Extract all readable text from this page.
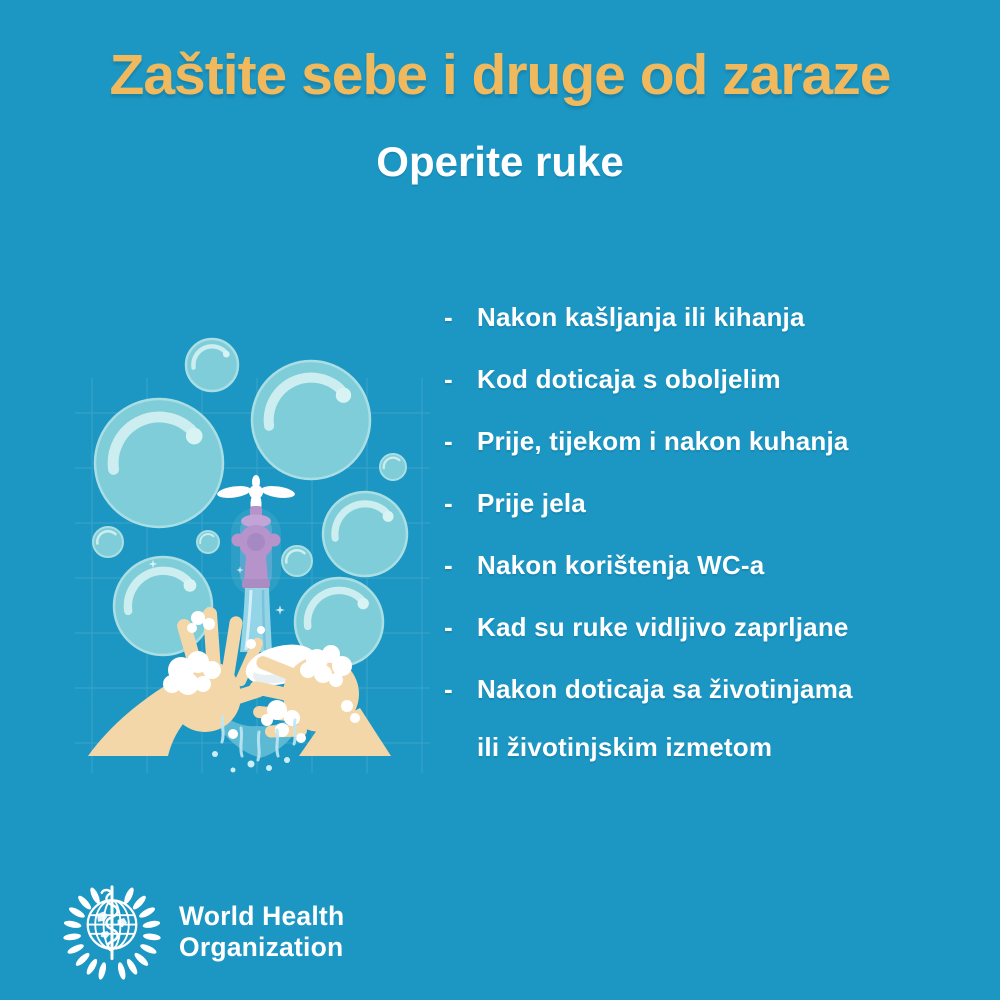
Zaštite sebe i druge od zaraze
Operite ruke
- Nakon kašljanja ili kihanja
- Kod doticaja s oboljelim
- Prije, tijekom i nakon kuhanja
- Prije jela
- Nakon korištenja WC-a
- Kad su ruke vidljivo zaprljane
- Nakon doticaja sa životinjama
ili životinjskim izmetom
World Health
Organization
